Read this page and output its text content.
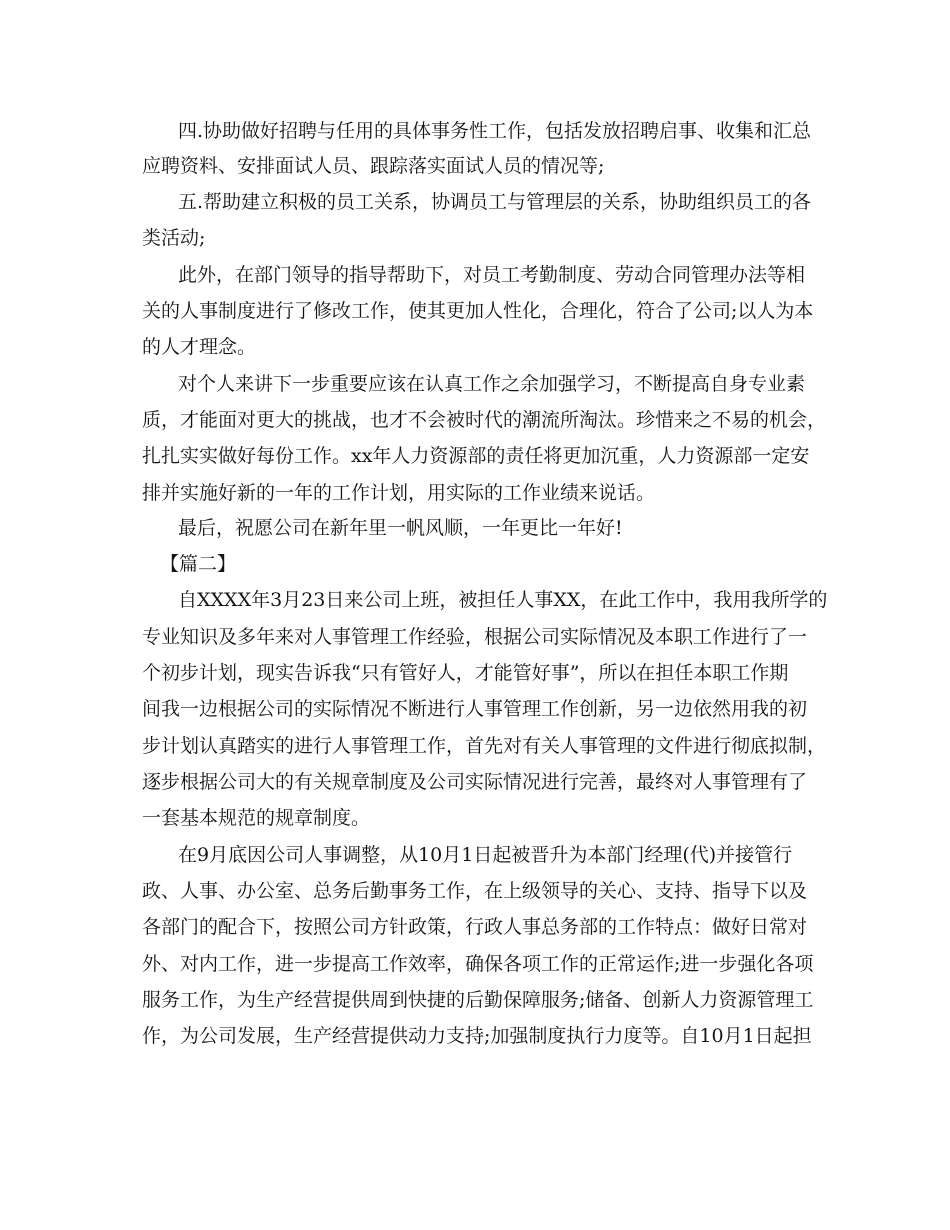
四.协助做好招聘与任用的具体事务性工作，包括发放招聘启事、收集和汇总

应聘资料、安排面试人员、跟踪落实面试人员的情况等;

五.帮助建立积极的员工关系，协调员工与管理层的关系，协助组织员工的各

类活动;

此外，在部门领导的指导帮助下，对员工考勤制度、劳动合同管理办法等相

关的人事制度进行了修改工作，使其更加人性化，合理化，符合了公司;以人为本

的人才理念。

对个人来讲下一步重要应该在认真工作之余加强学习，不断提高自身专业素

质，才能面对更大的挑战，也才不会被时代的潮流所淘汰。珍惜来之不易的机会，

扎扎实实做好每份工作。xx年人力资源部的责任将更加沉重，人力资源部一定安

排并实施好新的一年的工作计划，用实际的工作业绩来说话。

最后，祝愿公司在新年里一帆风顺，一年更比一年好!

【篇二】

自XXXX年3月23日来公司上班，被担任人事XX，在此工作中，我用我所学的

专业知识及多年来对人事管理工作经验，根据公司实际情况及本职工作进行了一

个初步计划，现实告诉我“只有管好人，才能管好事”，所以在担任本职工作期

间我一边根据公司的实际情况不断进行人事管理工作创新，另一边依然用我的初

步计划认真踏实的进行人事管理工作，首先对有关人事管理的文件进行彻底拟制，

逐步根据公司大的有关规章制度及公司实际情况进行完善，最终对人事管理有了

一套基本规范的规章制度。

在9月底因公司人事调整，从10月1日起被晋升为本部门经理(代)并接管行

政、人事、办公室、总务后勤事务工作，在上级领导的关心、支持、指导下以及

各部门的配合下，按照公司方针政策，行政人事总务部的工作特点：做好日常对

外、对内工作，进一步提高工作效率，确保各项工作的正常运作;进一步强化各项

服务工作，为生产经营提供周到快捷的后勤保障服务;储备、创新人力资源管理工

作，为公司发展，生产经营提供动力支持;加强制度执行力度等。自10月1日起担
